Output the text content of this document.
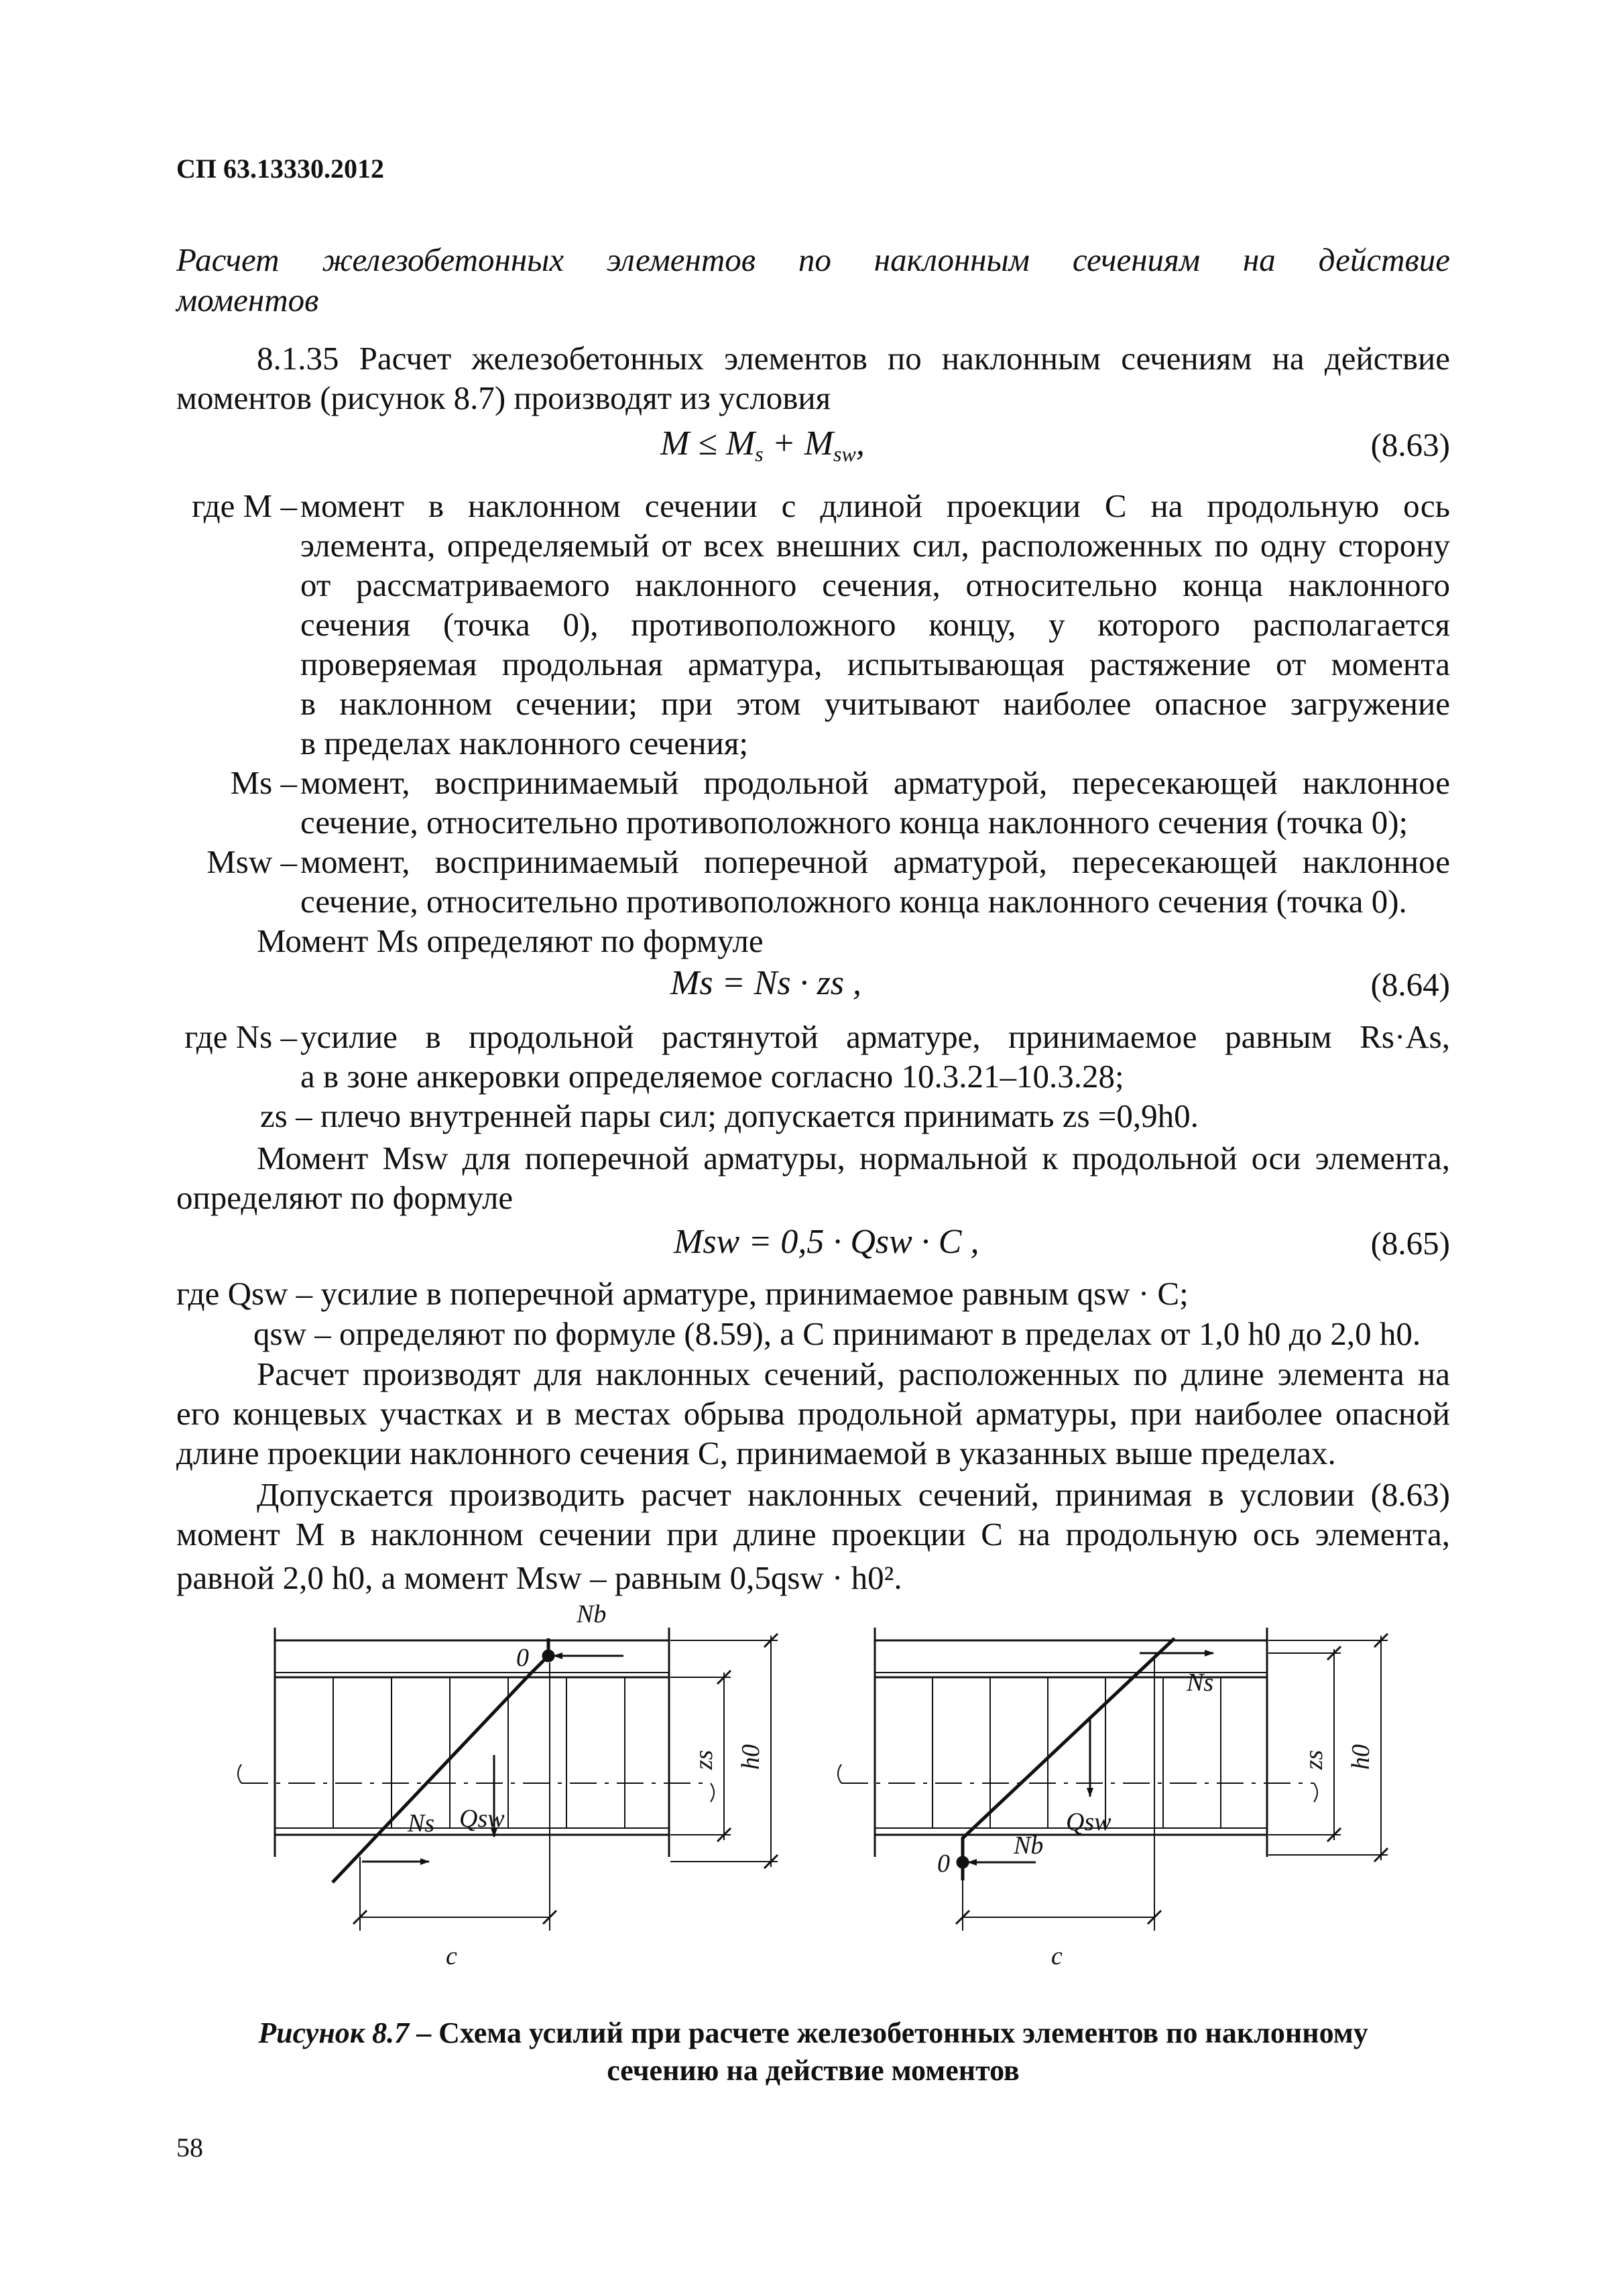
СП 63.13330.2012
Расчет железобетонных элементов по наклонным сечениям на действие
моментов
8.1.35 Расчет железобетонных элементов по наклонным сечениям на действие
моментов (рисунок 8.7) производят из условия
$M \le M_s + M_{sw}$,	(8.63)
где M – момент в наклонном сечении с длиной проекции C на продольную ось
элемента, определяемый от всех внешних сил, расположенных по одну сторону
от рассматриваемого наклонного сечения, относительно конца наклонного
сечения (точка 0), противоположного концу, у которого располагается
проверяемая продольная арматура, испытывающая растяжение от момента
в наклонном сечении; при этом учитывают наиболее опасное загружение
в пределах наклонного сечения;
Ms – момент, воспринимаемый продольной арматурой, пересекающей наклонное
сечение, относительно противоположного конца наклонного сечения (точка 0);
Msw – момент, воспринимаемый поперечной арматурой, пересекающей наклонное
сечение, относительно противоположного конца наклонного сечения (точка 0).
Момент Ms определяют по формуле
Ms = Ns · zs ,	(8.64)
где Ns – усилие в продольной растянутой арматуре, принимаемое равным Rs·As,
а в зоне анкеровки определяемое согласно 10.3.21–10.3.28;
zs – плечо внутренней пары сил; допускается принимать zs =0,9h0.
Момент Msw для поперечной арматуры, нормальной к продольной оси элемента,
определяют по формуле
Msw = 0,5 · Qsw · C ,	(8.65)
где Qsw – усилие в поперечной арматуре, принимаемое равным qsw · C;
qsw – определяют по формуле (8.59), а C принимают в пределах от 1,0 h0 до 2,0 h0.
Расчет производят для наклонных сечений, расположенных по длине элемента на
его концевых участках и в местах обрыва продольной арматуры, при наиболее опасной
длине проекции наклонного сечения C, принимаемой в указанных выше пределах.
Допускается производить расчет наклонных сечений, принимая в условии (8.63)
момент M в наклонном сечении при длине проекции C на продольную ось элемента,
равной 2,0 h0, а момент Msw – равным 0,5qsw · h0².
Nb
0
Ns Qsw
c
zs h0
Ns
Qsw
Nb
0
c
zs h0
Рисунок 8.7 – Схема усилий при расчете железобетонных элементов по наклонному
сечению на действие моментов
58
